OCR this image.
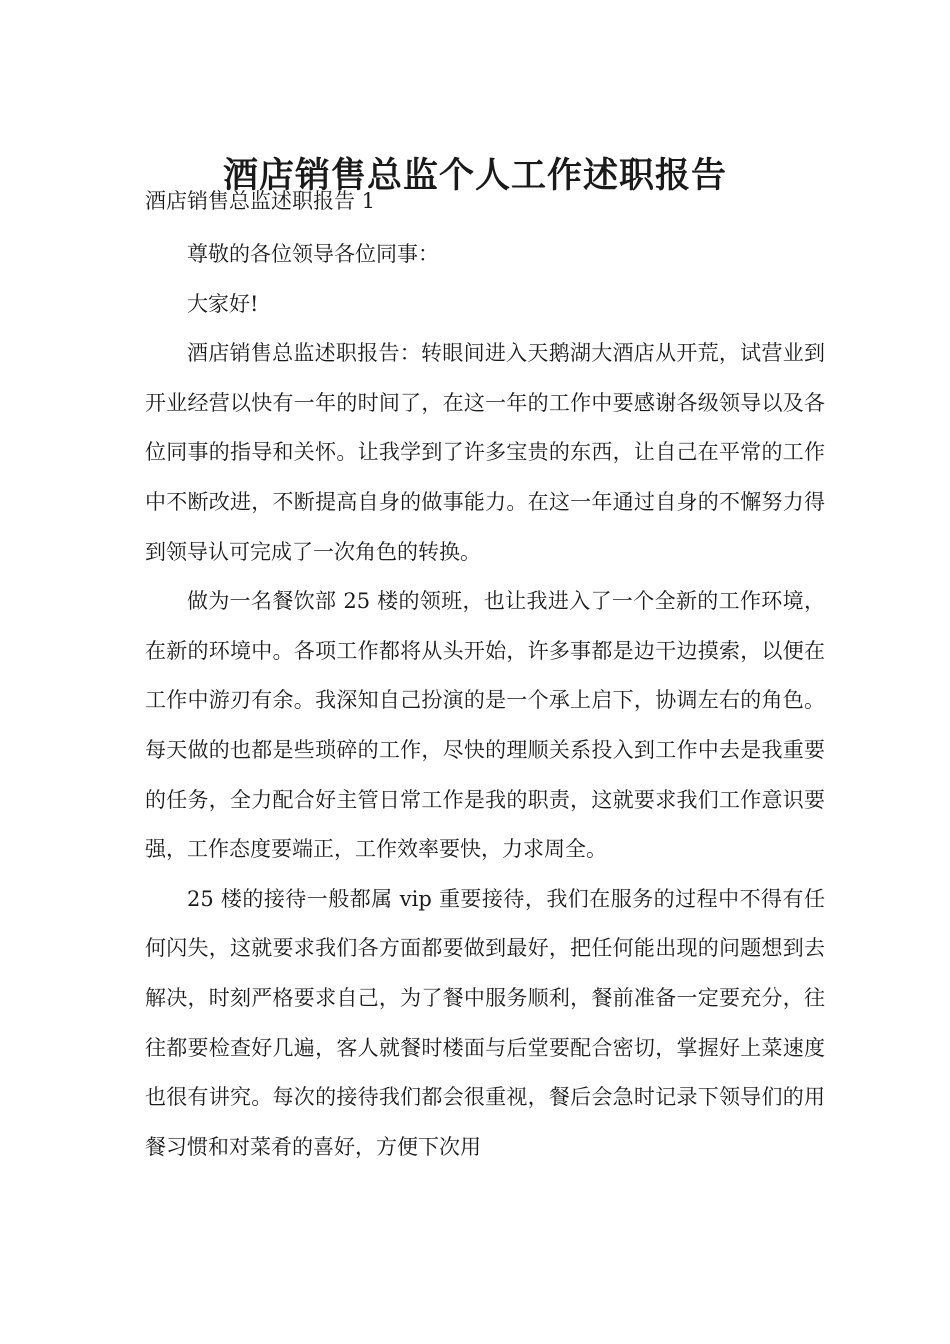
酒店销售总监个人工作述职报告
酒店销售总监述职报告 1

尊敬的各位领导各位同事：

大家好!

酒店销售总监述职报告：转眼间进入天鹅湖大酒店从开荒，试营业到开业经营以快有一年的时间了，在这一年的工作中要感谢各级领导以及各位同事的指导和关怀。让我学到了许多宝贵的东西，让自己在平常的工作中不断改进，不断提高自身的做事能力。在这一年通过自身的不懈努力得到领导认可完成了一次角色的转换。

做为一名餐饮部 25 楼的领班，也让我进入了一个全新的工作环境，在新的环境中。各项工作都将从头开始，许多事都是边干边摸索，以便在工作中游刃有余。我深知自己扮演的是一个承上启下，协调左右的角色。每天做的也都是些琐碎的工作，尽快的理顺关系投入到工作中去是我重要的任务，全力配合好主管日常工作是我的职责，这就要求我们工作意识要强，工作态度要端正，工作效率要快，力求周全。

25 楼的接待一般都属 vip 重要接待，我们在服务的过程中不得有任何闪失，这就要求我们各方面都要做到最好，把任何能出现的问题想到去解决，时刻严格要求自己，为了餐中服务顺利，餐前准备一定要充分，往往都要检查好几遍，客人就餐时楼面与后堂要配合密切，掌握好上菜速度也很有讲究。每次的接待我们都会很重视，餐后会急时记录下领导们的用餐习惯和对菜肴的喜好，方便下次用
